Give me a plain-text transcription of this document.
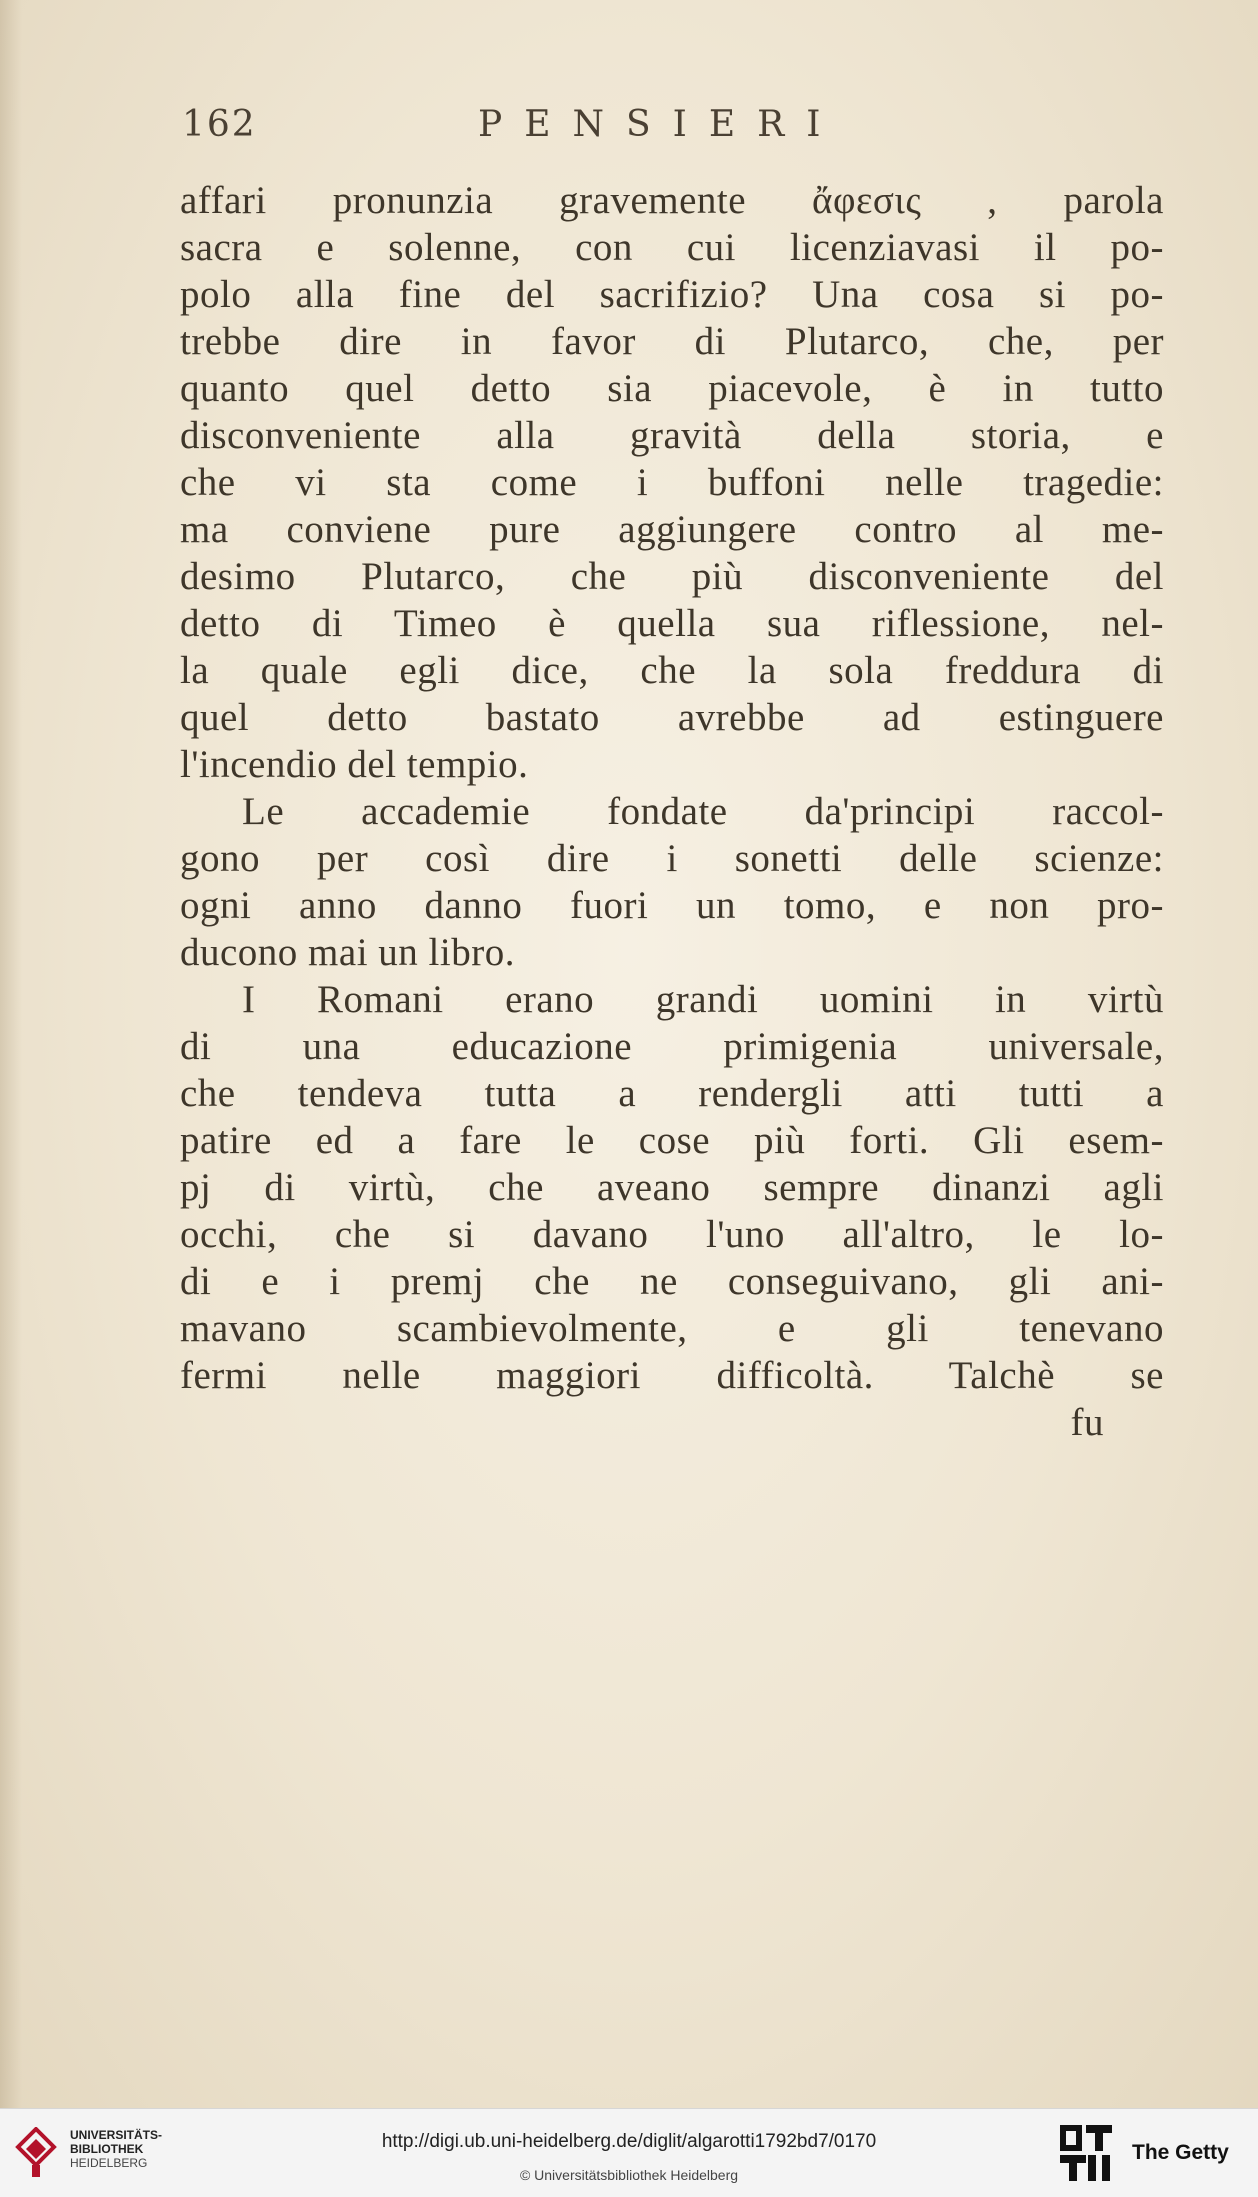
162	PENSIERI
affari pronunzia gravemente ἄφεσις , parola
sacra e solenne, con cui licenziavasi il po-
polo alla fine del sacrifizio? Una cosa si po-
trebbe dire in favor di Plutarco, che, per
quanto quel detto sia piacevole, è in tutto
disconveniente alla gravità della storia, e
che vi sta come i buffoni nelle tragedie:
ma conviene pure aggiungere contro al me-
desimo Plutarco, che più disconveniente del
detto di Timeo è quella sua riflessione, nel-
la quale egli dice, che la sola freddura di
quel detto bastato avrebbe ad estinguere
l'incendio del tempio.
Le accademie fondate da'principi raccol-
gono per così dire i sonetti delle scienze:
ogni anno danno fuori un tomo, e non pro-
ducono mai un libro.
I Romani erano grandi uomini in virtù
di una educazione primigenia universale,
che tendeva tutta a rendergli atti tutti a
patire ed a fare le cose più forti. Gli esem-
pj di virtù, che aveano sempre dinanzi agli
occhi, che si davano l'uno all'altro, le lo-
di e i premj che ne conseguivano, gli ani-
mavano scambievolmente, e gli tenevano
fermi nelle maggiori difficoltà. Talchè se
fu
UNIVERSITÄTS-
BIBLIOTHEK
HEIDELBERG
http://digi.ub.uni-heidelberg.de/diglit/algarotti1792bd7/0170
© Universitätsbibliothek Heidelberg
The Getty
